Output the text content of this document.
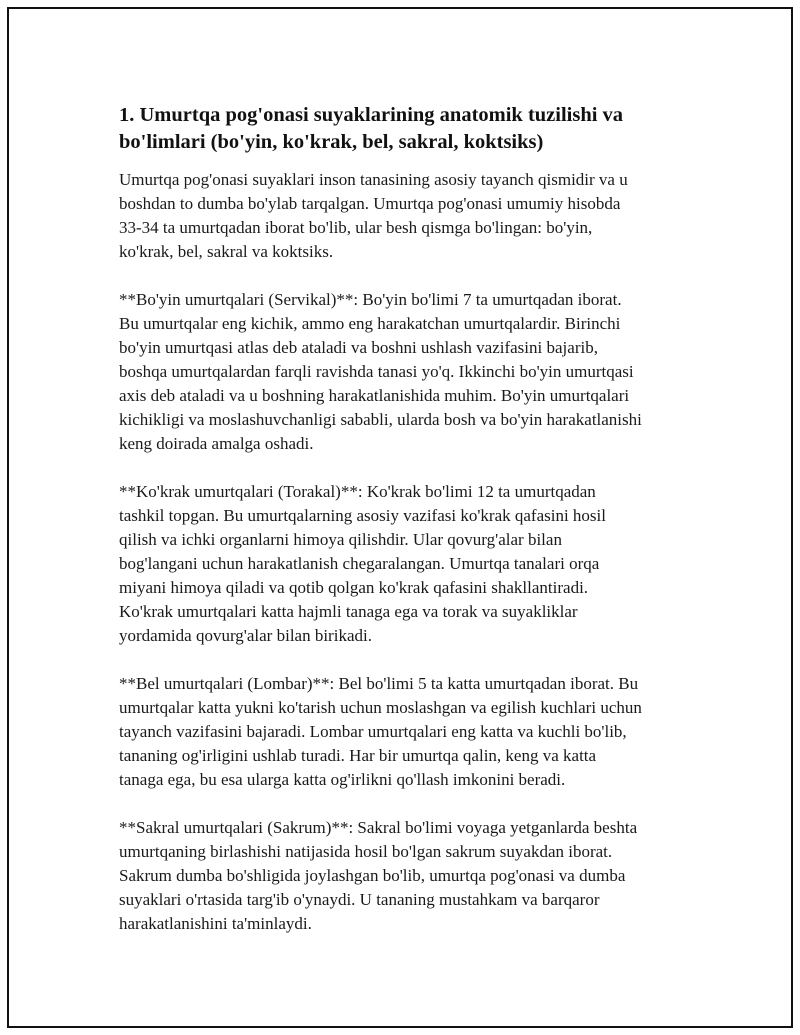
1. Umurtqa pog'onasi suyaklarining anatomik tuzilishi va
bo'limlari (bo'yin, ko'krak, bel, sakral, koktsiks)
Umurtqa pog'onasi suyaklari inson tanasining asosiy tayanch qismidir va u
boshdan to dumba bo'ylab tarqalgan. Umurtqa pog'onasi umumiy hisobda
33-34 ta umurtqadan iborat bo'lib, ular besh qismga bo'lingan: bo'yin,
ko'krak, bel, sakral va koktsiks.
**Bo'yin umurtqalari (Servikal)**: Bo'yin bo'limi 7 ta umurtqadan iborat.
Bu umurtqalar eng kichik, ammo eng harakatchan umurtqalardir. Birinchi
bo'yin umurtqasi atlas deb ataladi va boshni ushlash vazifasini bajarib,
boshqa umurtqalardan farqli ravishda tanasi yo'q. Ikkinchi bo'yin umurtqasi
axis deb ataladi va u boshning harakatlanishida muhim. Bo'yin umurtqalari
kichikligi va moslashuvchanligi sababli, ularda bosh va bo'yin harakatlanishi
keng doirada amalga oshadi.
**Ko'krak umurtqalari (Torakal)**: Ko'krak bo'limi 12 ta umurtqadan
tashkil topgan. Bu umurtqalarning asosiy vazifasi ko'krak qafasini hosil
qilish va ichki organlarni himoya qilishdir. Ular qovurg'alar bilan
bog'langani uchun harakatlanish chegaralangan. Umurtqa tanalari orqa
miyani himoya qiladi va qotib qolgan ko'krak qafasini shakllantiradi.
Ko'krak umurtqalari katta hajmli tanaga ega va torak va suyakliklar
yordamida qovurg'alar bilan birikadi.
**Bel umurtqalari (Lombar)**: Bel bo'limi 5 ta katta umurtqadan iborat. Bu
umurtqalar katta yukni ko'tarish uchun moslashgan va egilish kuchlari uchun
tayanch vazifasini bajaradi. Lombar umurtqalari eng katta va kuchli bo'lib,
tananing og'irligini ushlab turadi. Har bir umurtqa qalin, keng va katta
tanaga ega, bu esa ularga katta og'irlikni qo'llash imkonini beradi.
**Sakral umurtqalari (Sakrum)**: Sakral bo'limi voyaga yetganlarda beshta
umurtqaning birlashishi natijasida hosil bo'lgan sakrum suyakdan iborat.
Sakrum dumba bo'shligida joylashgan bo'lib, umurtqa pog'onasi va dumba
suyaklari o'rtasida targ'ib o'ynaydi. U tananing mustahkam va barqaror
harakatlanishini ta'minlaydi.
